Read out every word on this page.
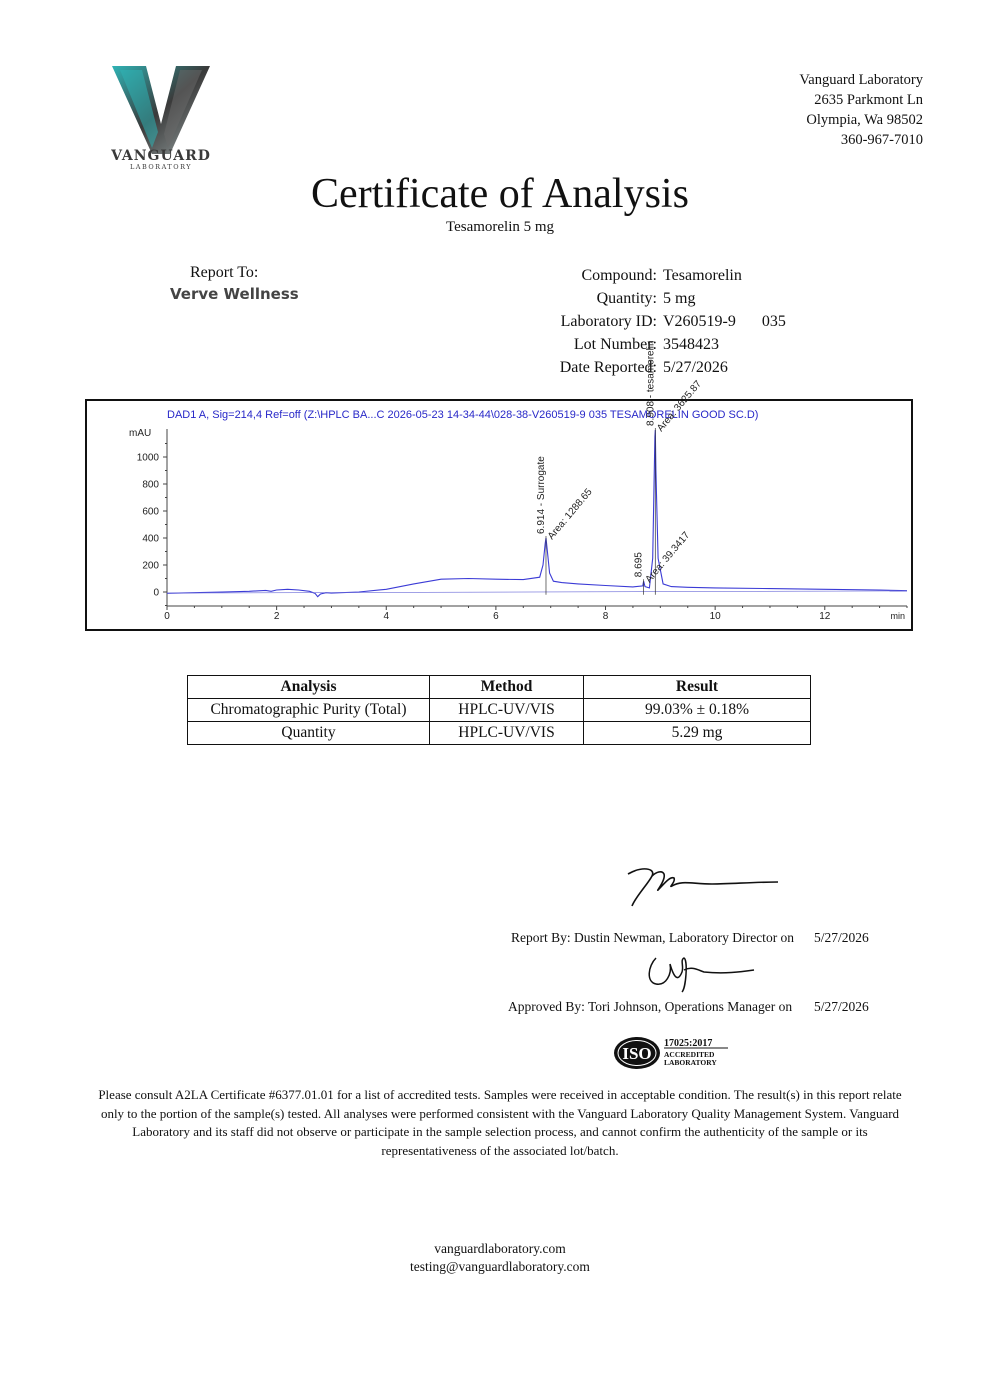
VANGUARD
LABORATORY
Vanguard Laboratory
2635 Parkmont Ln
Olympia, Wa 98502
360-967-7010
Certificate of Analysis
Tesamorelin 5 mg
Report To:
Verve Wellness
Compound: Tesamorelin
Quantity: 5 mg
Laboratory ID: V260519-9 035
Lot Number: 3548423
Date Reported: 5/27/2026
DAD1 A, Sig=214,4 Ref=off (Z:\HPLC BA...C 2026-05-23 14-34-44\028-38-V260519-9 035 TESAMORELIN GOOD SC.D)
mAU
0
200
400
600
800
1000
0	2	4	6	8	10	12	min
6.914 - Surrogate
Area: 1288.65
8.695
Area: 39.3417
8.908 - tesamorelin
Area: 3625.87
Analysis	Method	Result
Chromatographic Purity (Total)	HPLC-UV/VIS	99.03% ± 0.18%
Quantity	HPLC-UV/VIS	5.29 mg
Report By: Dustin Newman, Laboratory Director on 5/27/2026
Approved By: Tori Johnson, Operations Manager on 5/27/2026
ISO
17025:2017
ACCREDITED
LABORATORY
Please consult A2LA Certificate #6377.01.01 for a list of accredited tests. Samples were received in acceptable condition. The result(s) in this report relate only to the portion of the sample(s) tested. All analyses were performed consistent with the Vanguard Laboratory Quality Management System. Vanguard Laboratory and its staff did not observe or participate in the sample selection process, and cannot confirm the authenticity of the sample or its representativeness of the associated lot/batch.
vanguardlaboratory.com
testing@vanguardlaboratory.com
